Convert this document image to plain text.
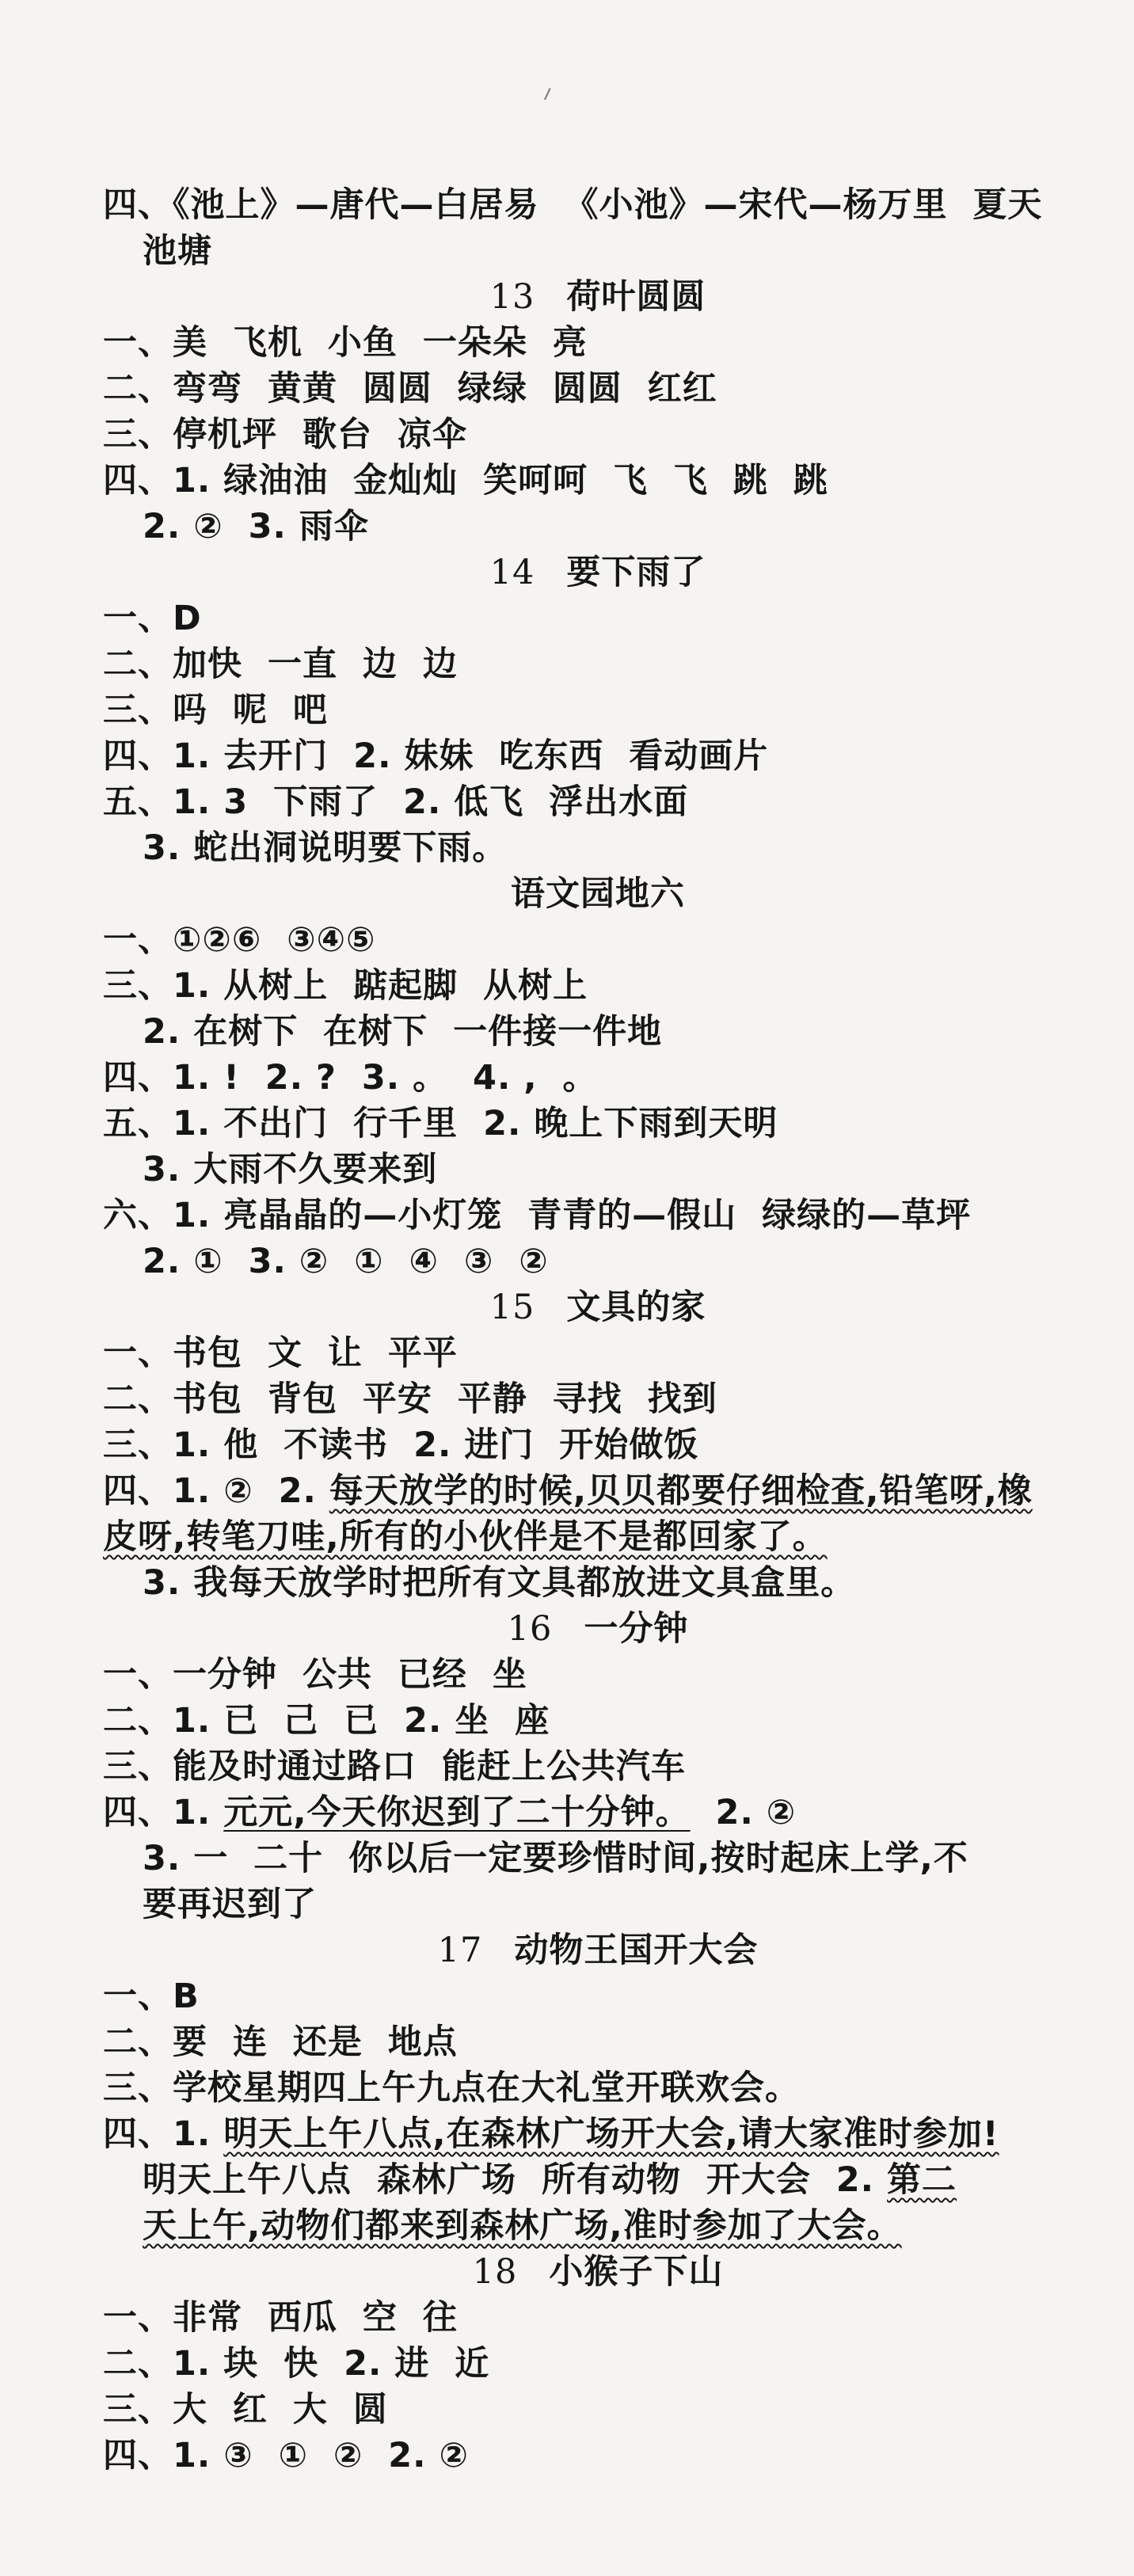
四、《池上》—唐代—白居易  《小池》—宋代—杨万里  夏天
池塘
13 荷叶圆圆
一、美  飞机  小鱼  一朵朵  亮
二、弯弯  黄黄  圆圆  绿绿  圆圆  红红
三、停机坪  歌台  凉伞
四、1. 绿油油  金灿灿  笑呵呵  飞  飞  跳  跳
2. ②  3. 雨伞
14 要下雨了
一、D
二、加快  一直  边  边
三、吗  呢  吧
四、1. 去开门  2. 妹妹  吃东西  看动画片
五、1. 3  下雨了  2. 低飞  浮出水面
3. 蛇出洞说明要下雨。
语文园地六
一、①②⑥  ③④⑤
三、1. 从树上  踮起脚  从树上
2. 在树下  在树下  一件接一件地
四、1. !  2. ?  3. 。  4. ,  。
五、1. 不出门  行千里  2. 晚上下雨到天明
3. 大雨不久要来到
六、1. 亮晶晶的—小灯笼  青青的—假山  绿绿的—草坪
2. ①  3. ②  ①  ④  ③  ②
15 文具的家
一、书包  文  让  平平
二、书包  背包  平安  平静  寻找  找到
三、1. 他  不读书  2. 进门  开始做饭
四、1. ②  2. 每天放学的时候,贝贝都要仔细检查,铅笔呀,橡
皮呀,转笔刀哇,所有的小伙伴是不是都回家了。
3. 我每天放学时把所有文具都放进文具盒里。
16 一分钟
一、一分钟  公共  已经  坐
二、1. 已  己  已  2. 坐  座
三、能及时通过路口  能赶上公共汽车
四、1. 元元,今天你迟到了二十分钟。  2. ②
3. 一  二十  你以后一定要珍惜时间,按时起床上学,不
要再迟到了
17 动物王国开大会
一、B
二、要  连  还是  地点
三、学校星期四上午九点在大礼堂开联欢会。
四、1. 明天上午八点,在森林广场开大会,请大家准时参加!
明天上午八点  森林广场  所有动物  开大会  2. 第二
天上午,动物们都来到森林广场,准时参加了大会。
18 小猴子下山
一、非常  西瓜  空  往
二、1. 块  快  2. 进  近
三、大  红  大  圆
四、1. ③  ①  ②  2. ②
